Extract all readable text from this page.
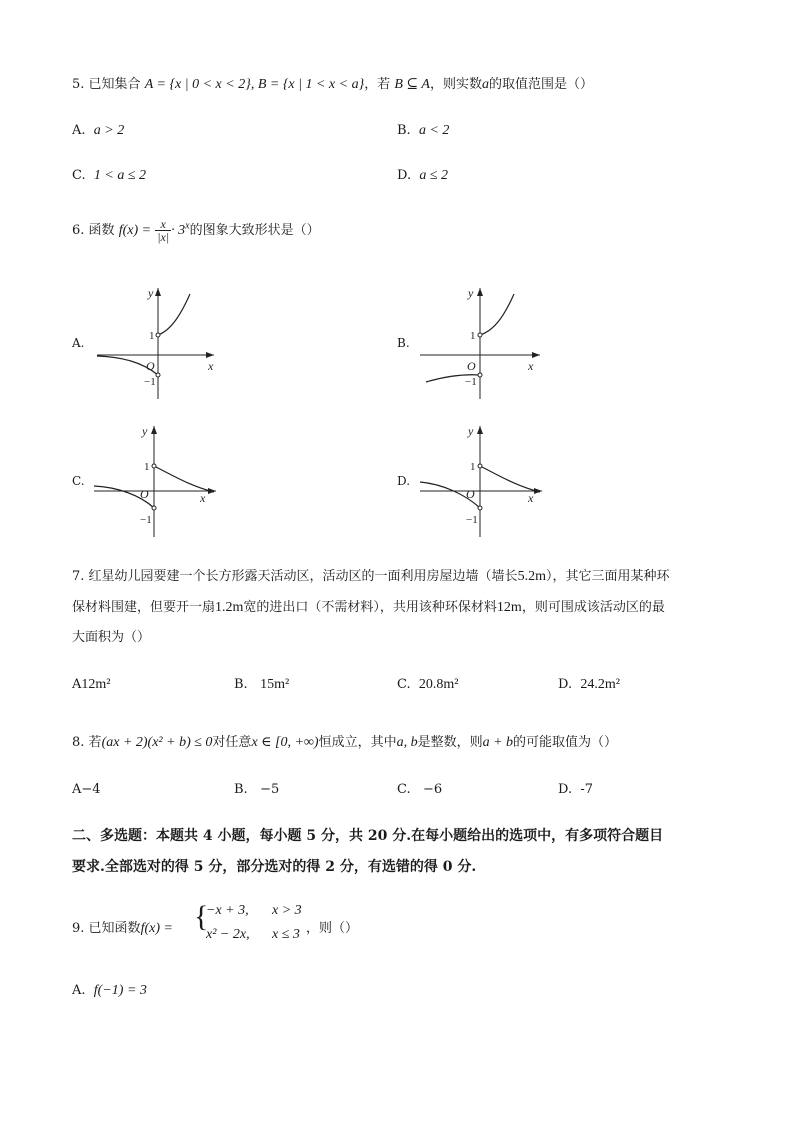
5. 已知集合 A = {x | 0 < x < 2}, B = {x | 1 < x < a}，若 B ⊆ A，则实数a的取值范围是（）
A. a > 2	B. a < 2
C. 1 < a ≤ 2	D. a ≤ 2
6. 函数 $f(x) = \frac{x}{|x|} \cdot 3^x$的图象大致形状是（）
A.
y
x
O
1
−1
B.
y
x
O
1
−1
C.
y
x
O
1
−1
D.
y
x
O
1
−1
7. 红星幼儿园要建一个长方形露天活动区，活动区的一面利用房屋边墙（墙长5.2m），其它三面用某种环
保材料围建，但要开一扇1.2m宽的进出口（不需材料），共用该种环保材料12m，则可围成该活动区的最
大面积为（）
A12m²	B. 15m²	C. 20.8m²	D. 24.2m²
8. 若(ax + 2)(x² + b) ≤ 0对任意x ∈ [0, +∞)恒成立，其中a, b是整数，则a + b的可能取值为（）
A−4	B. −5	C. −6	D. -7
二、多选题：本题共 4 小题，每小题 5 分，共 20 分.在每小题给出的选项中，有多项符合题目
要求.全部选对的得 5 分，部分选对的得 2 分，有选错的得 0 分.
9. 已知函数f(x) = {
−x + 3, x > 3
x² − 2x, x ≤ 3 ，则（）
A. f(−1) = 3
